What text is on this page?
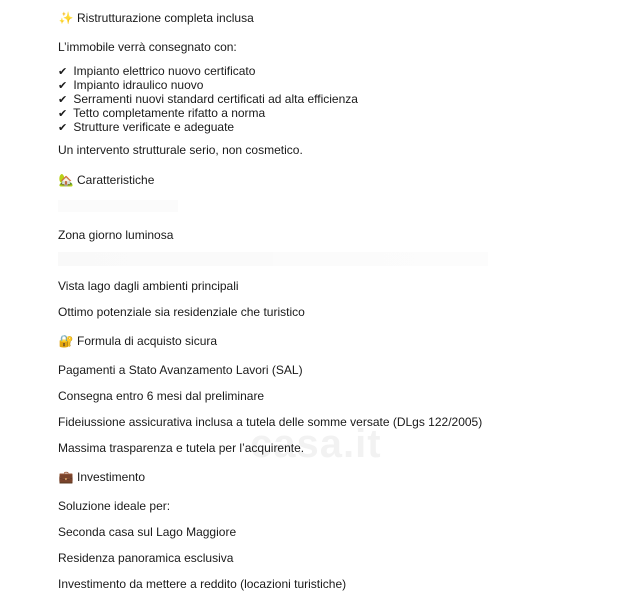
casa.it
✨ Ristrutturazione completa inclusa
L’immobile verrà consegnato con:
✔ Impianto elettrico nuovo certificato
✔ Impianto idraulico nuovo
✔ Serramenti nuovi standard certificati ad alta efficienza
✔ Tetto completamente rifatto a norma
✔ Strutture verificate e adeguate
Un intervento strutturale serio, non cosmetico.
🏡 Caratteristiche
Zona giorno luminosa
Vista lago dagli ambienti principali
Ottimo potenziale sia residenziale che turistico
🔐 Formula di acquisto sicura
Pagamenti a Stato Avanzamento Lavori (SAL)
Consegna entro 6 mesi dal preliminare
Fideiussione assicurativa inclusa a tutela delle somme versate (DLgs 122/2005)
Massima trasparenza e tutela per l’acquirente.
💼 Investimento
Soluzione ideale per:
Seconda casa sul Lago Maggiore
Residenza panoramica esclusiva
Investimento da mettere a reddito (locazioni turistiche)
